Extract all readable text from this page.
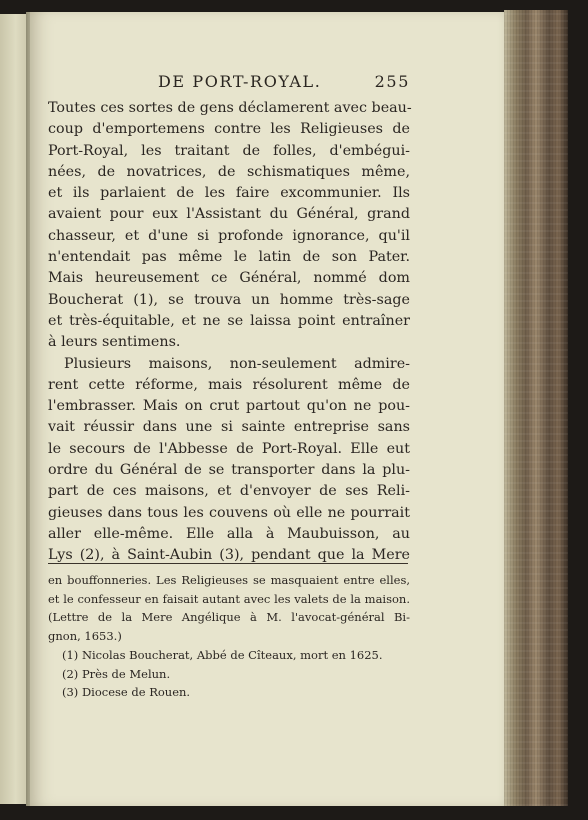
DE PORT-ROYAL.	255
Toutes ces sortes de gens déclamerent avec beau-
coup d'emportemens contre les Religieuses de
Port-Royal, les traitant de folles, d'embégui-
nées, de novatrices, de schismatiques même,
et ils parlaient de les faire excommunier. Ils
avaient pour eux l'Assistant du Général, grand
chasseur, et d'une si profonde ignorance, qu'il
n'entendait pas même le latin de son Pater.
Mais heureusement ce Général, nommé dom
Boucherat (1), se trouva un homme très-sage
et très-équitable, et ne se laissa point entraîner
à leurs sentimens.
Plusieurs maisons, non-seulement admire-
rent cette réforme, mais résolurent même de
l'embrasser. Mais on crut partout qu'on ne pou-
vait réussir dans une si sainte entreprise sans
le secours de l'Abbesse de Port-Royal. Elle eut
ordre du Général de se transporter dans la plu-
part de ces maisons, et d'envoyer de ses Reli-
gieuses dans tous les couvens où elle ne pourrait
aller elle-même. Elle alla à Maubuisson, au
Lys (2), à Saint-Aubin (3), pendant que la Mere
en bouffonneries. Les Religieuses se masquaient entre elles,
et le confesseur en faisait autant avec les valets de la maison.
(Lettre de la Mere Angélique à M. l'avocat-général Bi-
gnon, 1653.)
(1) Nicolas Boucherat, Abbé de Cîteaux, mort en 1625.
(2) Près de Melun.
(3) Diocese de Rouen.
